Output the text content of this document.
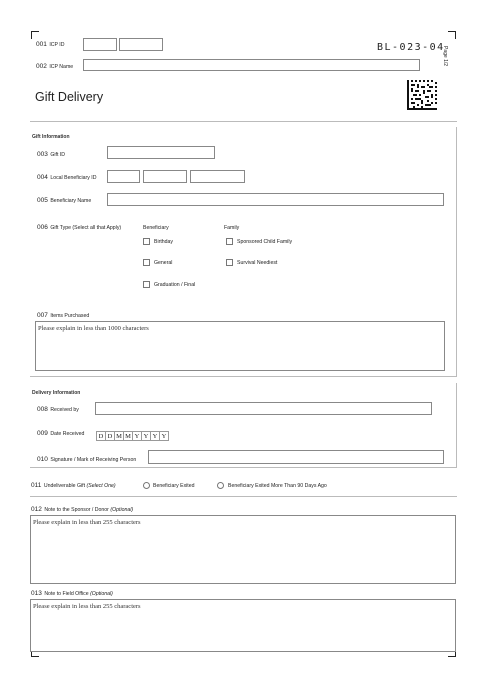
001 ICP ID
002 ICP Name
BL-023-04
Page 1/2
Gift Delivery
Gift Information
003 Gift ID
004 Local Beneficiary ID
005 Beneficiary Name
006 Gift Type (Select all that Apply)	Beneficiary	Family
Birthday
General
Graduation / Final
Sponsored Child Family
Survival Neediest
007 Items Purchased
Please explain in less than 1000 characters
Delivery Information
008 Received by
009 Date Received	D D M M Y Y Y Y
010 Signature / Mark of Receiving Person
011 Undeliverable Gift (Select One)	Beneficiary Exited	Beneficiary Exited More Than 90 Days Ago
012 Note to the Sponsor / Donor (Optional)
Please explain in less than 255 characters
013 Note to Field Office (Optional)
Please explain in less than 255 characters
